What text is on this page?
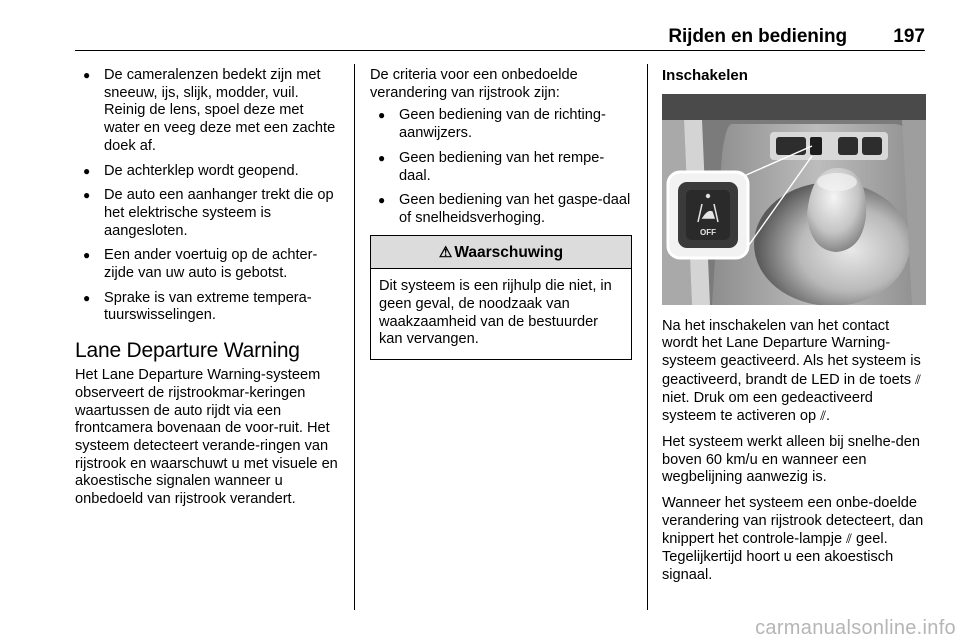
Rijden en bediening 197
● De cameralenzen bedekt zijn met sneeuw, ijs, slijk, modder, vuil. Reinig de lens, spoel deze met water en veeg deze met een zachte doek af.
● De achterklep wordt geopend.
● De auto een aanhanger trekt die op het elektrische systeem is aangesloten.
● Een ander voertuig op de achter-zijde van uw auto is gebotst.
● Sprake is van extreme tempera-tuurswisselingen.
Lane Departure Warning

Het Lane Departure Warning-systeem observeert de rijstrookmar-keringen waartussen de auto rijdt via een frontcamera bovenaan de voor-ruit. Het systeem detecteert verande-ringen van rijstrook en waarschuwt u met visuele en akoestische signalen wanneer u onbedoeld van rijstrook verandert.

De criteria voor een onbedoelde verandering van rijstrook zijn:

● Geen bediening van de richting-aanwijzers.
● Geen bediening van het rempe-daal.
● Geen bediening van het gaspe-daal of snelheidsverhoging.
⚠ Waarschuwing
Dit systeem is een rijhulp die niet, in geen geval, de noodzaak van waakzaamheid van de bestuurder kan vervangen.
Inschakelen
OFF

Na het inschakelen van het contact wordt het Lane Departure Warning-systeem geactiveerd. Als het systeem is geactiveerd, brandt de LED in de toets ⫽ niet. Druk om een gedeactiveerd systeem te activeren op ⫽.

Het systeem werkt alleen bij snelhe-den boven 60 km/u en wanneer een wegbelijning aanwezig is.

Wanneer het systeem een onbe-doelde verandering van rijstrook detecteert, dan knippert het controle-lampje ⫽ geel. Tegelijkertijd hoort u een akoestisch signaal.

carmanualsonline.info
